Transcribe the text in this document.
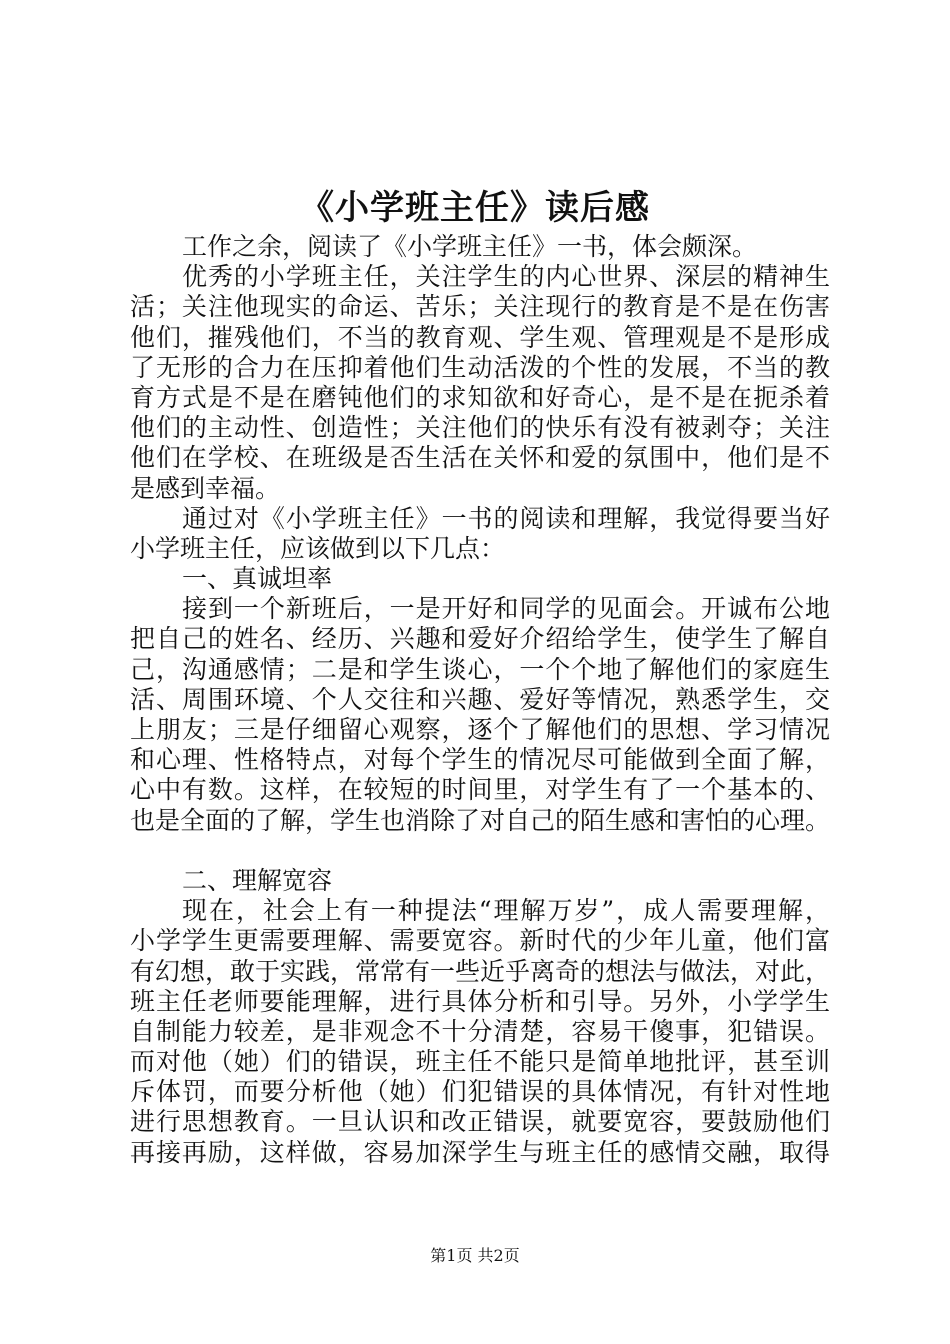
《小学班主任》读后感
工作之余，阅读了《小学班主任》一书，体会颇深。
优秀的小学班主任，关注学生的内心世界、深层的精神生
活；关注他现实的命运、苦乐；关注现行的教育是不是在伤害
他们，摧残他们，不当的教育观、学生观、管理观是不是形成
了无形的合力在压抑着他们生动活泼的个性的发展，不当的教
育方式是不是在磨钝他们的求知欲和好奇心，是不是在扼杀着
他们的主动性、创造性；关注他们的快乐有没有被剥夺；关注
他们在学校、在班级是否生活在关怀和爱的氛围中，他们是不
是感到幸福。
通过对《小学班主任》一书的阅读和理解，我觉得要当好
小学班主任，应该做到以下几点：
一、真诚坦率
接到一个新班后，一是开好和同学的见面会。开诚布公地
把自己的姓名、经历、兴趣和爱好介绍给学生，使学生了解自
己，沟通感情；二是和学生谈心，一个个地了解他们的家庭生
活、周围环境、个人交往和兴趣、爱好等情况，熟悉学生，交
上朋友；三是仔细留心观察，逐个了解他们的思想、学习情况
和心理、性格特点，对每个学生的情况尽可能做到全面了解，
心中有数。这样，在较短的时间里，对学生有了一个基本的、
也是全面的了解，学生也消除了对自己的陌生感和害怕的心理。
二、理解宽容
现在，社会上有一种提法“理解万岁”，成人需要理解，
小学学生更需要理解、需要宽容。新时代的少年儿童，他们富
有幻想，敢于实践，常常有一些近乎离奇的想法与做法，对此，
班主任老师要能理解，进行具体分析和引导。另外，小学学生
自制能力较差，是非观念不十分清楚，容易干傻事，犯错误。
而对他（她）们的错误，班主任不能只是简单地批评，甚至训
斥体罚，而要分析他（她）们犯错误的具体情况，有针对性地
进行思想教育。一旦认识和改正错误，就要宽容，要鼓励他们
再接再励，这样做，容易加深学生与班主任的感情交融，取得
第1页 共2页
